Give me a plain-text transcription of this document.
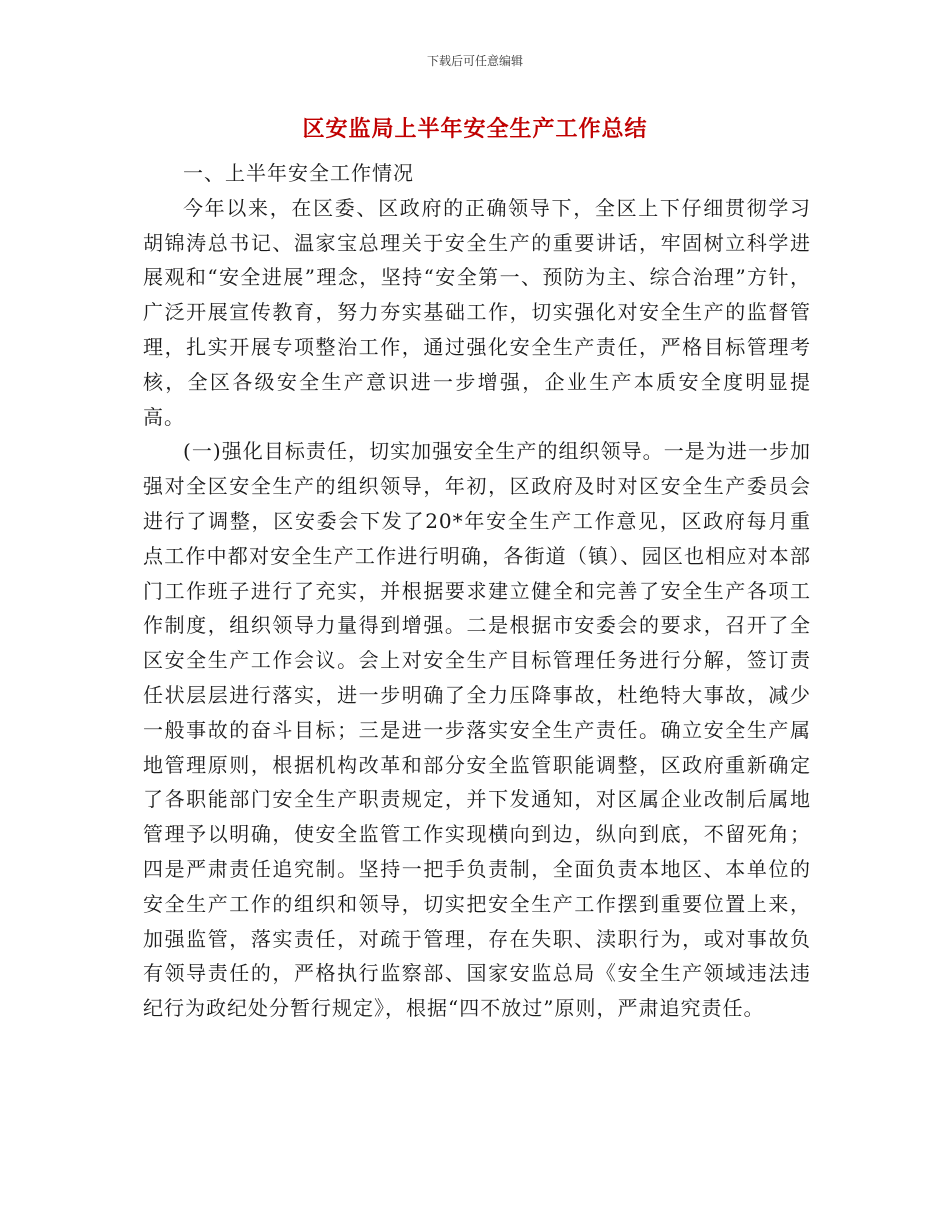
下载后可任意编辑
区安监局上半年安全生产工作总结

一、上半年安全工作情况

今年以来，在区委、区政府的正确领导下，全区上下仔细贯彻学习胡锦涛总书记、温家宝总理关于安全生产的重要讲话，牢固树立科学进展观和“安全进展”理念，坚持“安全第一、预防为主、综合治理”方针，广泛开展宣传教育，努力夯实基础工作，切实强化对安全生产的监督管理，扎实开展专项整治工作，通过强化安全生产责任，严格目标管理考核，全区各级安全生产意识进一步增强，企业生产本质安全度明显提高。

(一)强化目标责任，切实加强安全生产的组织领导。一是为进一步加强对全区安全生产的组织领导，年初，区政府及时对区安全生产委员会进行了调整，区安委会下发了20*年安全生产工作意见，区政府每月重点工作中都对安全生产工作进行明确，各街道（镇）、园区也相应对本部门工作班子进行了充实，并根据要求建立健全和完善了安全生产各项工作制度，组织领导力量得到增强。二是根据市安委会的要求，召开了全区安全生产工作会议。会上对安全生产目标管理任务进行分解，签订责任状层层进行落实，进一步明确了全力压降事故，杜绝特大事故，减少一般事故的奋斗目标；三是进一步落实安全生产责任。确立安全生产属地管理原则，根据机构改革和部分安全监管职能调整，区政府重新确定了各职能部门安全生产职责规定，并下发通知，对区属企业改制后属地管理予以明确，使安全监管工作实现横向到边，纵向到底，不留死角；四是严肃责任追究制。坚持一把手负责制，全面负责本地区、本单位的安全生产工作的组织和领导，切实把安全生产工作摆到重要位置上来，加强监管，落实责任，对疏于管理，存在失职、渎职行为，或对事故负有领导责任的，严格执行监察部、国家安监总局《安全生产领域违法违纪行为政纪处分暂行规定》，根据“四不放过”原则，严肃追究责任。
